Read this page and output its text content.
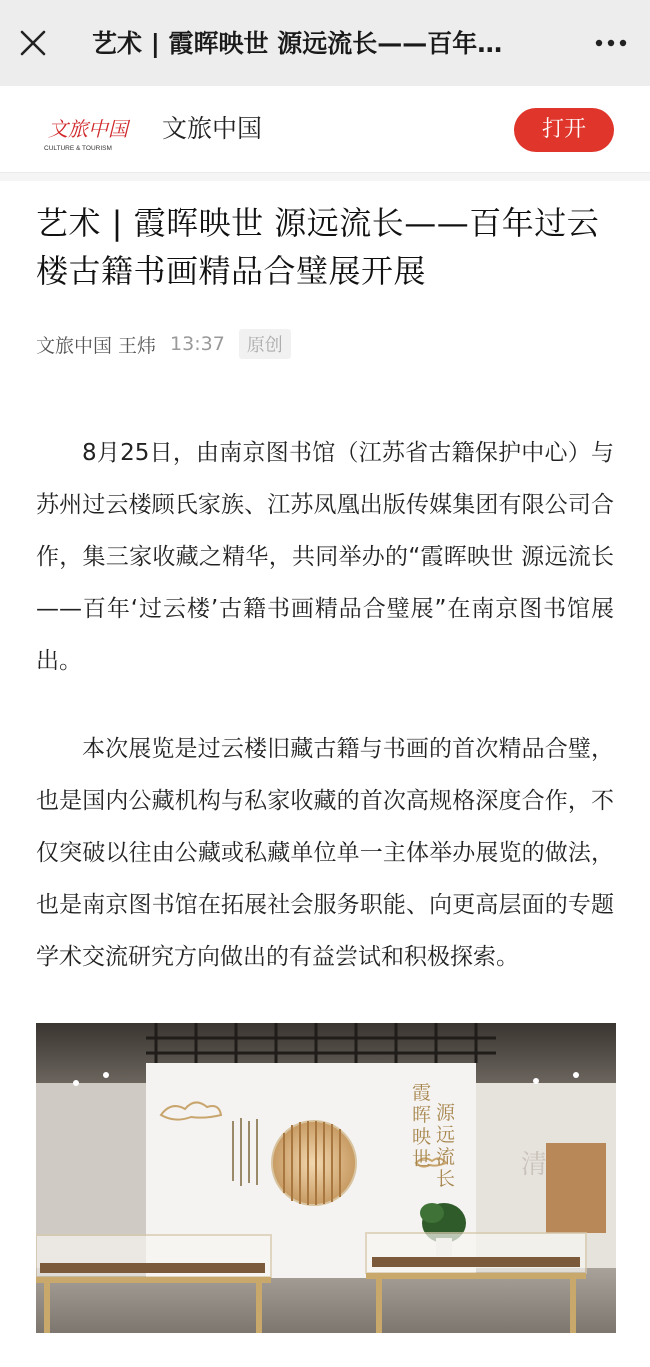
艺术 | 霞晖映世 源远流长——百年…
文旅中国
CULTURE & TOURISM
文旅中国	打开
艺术 | 霞晖映世 源远流长——百年过云楼古籍书画精品合璧展开展
文旅中国 王炜 13:37	原创

8月25日，由南京图书馆（江苏省古籍保护中心）与苏州过云楼顾氏家族、江苏凤凰出版传媒集团有限公司合作，集三家收藏之精华，共同举办的“霞晖映世 源远流长——百年‘过云楼’古籍书画精品合璧展”在南京图书馆展出。

本次展览是过云楼旧藏古籍与书画的首次精品合璧，也是国内公藏机构与私家收藏的首次高规格深度合作，不仅突破以往由公藏或私藏单位单一主体举办展览的做法，也是南京图书馆在拓展社会服务职能、向更高层面的专题学术交流研究方向做出的有益尝试和积极探索。

清
霞晖映世
源远流长
